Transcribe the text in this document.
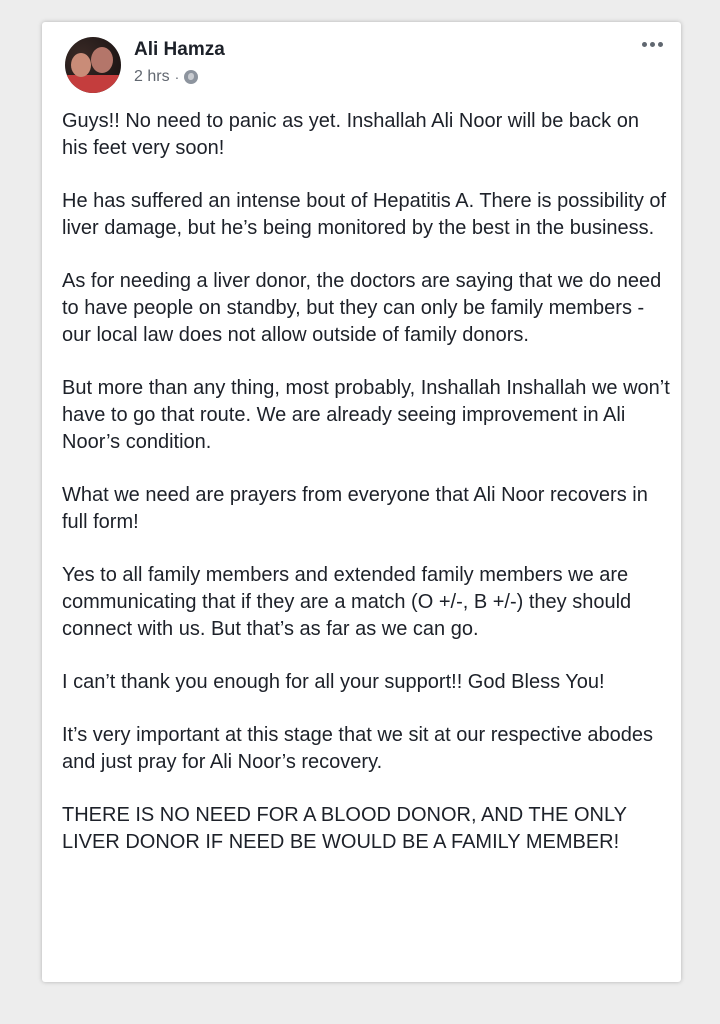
Ali Hamza
2 hrs ·

Guys!! No need to panic as yet. Inshallah Ali Noor will be back on his feet very soon!

He has suffered an intense bout of Hepatitis A. There is possibility of liver damage, but he’s being monitored by the best in the business.

As for needing a liver donor, the doctors are saying that we do need to have people on standby, but they can only be family members - our local law does not allow outside of family donors.

But more than any thing, most probably, Inshallah Inshallah we won’t have to go that route. We are already seeing improvement in Ali Noor’s condition.

What we need are prayers from everyone that Ali Noor recovers in full form!

Yes to all family members and extended family members we are communicating that if they are a match (O +/-, B +/-) they should connect with us. But that’s as far as we can go.

I can’t thank you enough for all your support!! God Bless You!

It’s very important at this stage that we sit at our respective abodes and just pray for Ali Noor’s recovery.

THERE IS NO NEED FOR A BLOOD DONOR, AND THE ONLY LIVER DONOR IF NEED BE WOULD BE A FAMILY MEMBER!
